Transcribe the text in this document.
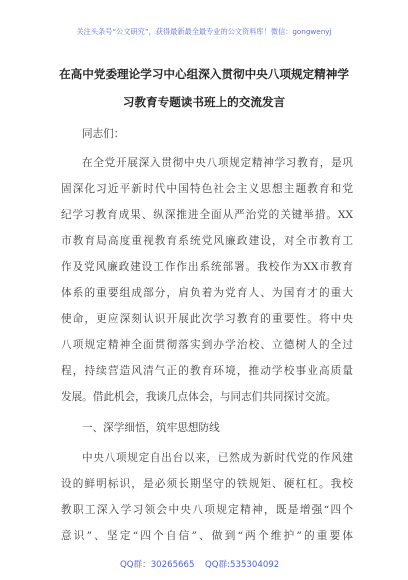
关注头条号“公文研究”，获得最新最全最专业的公文资料库！微信：gongwenyj
在高中党委理论学习中心组深入贯彻中央八项规定精神学
习教育专题读书班上的交流发言
同志们：
在全党开展深入贯彻中央八项规定精神学习教育，是巩
固深化习近平新时代中国特色社会主义思想主题教育和党
纪学习教育成果、纵深推进全面从严治党的关键举措。XX
市教育局高度重视教育系统党风廉政建设，对全市教育工
作及党风廉政建设工作作出系统部署。我校作为XX市教育
体系的重要组成部分，肩负着为党育人、为国育才的重大
使命，更应深刻认识开展此次学习教育的重要性。将中央
八项规定精神全面贯彻落实到办学治校、立德树人的全过
程，持续营造风清气正的教育环境，推动学校事业高质量
发展。借此机会，我谈几点体会，与同志们共同探讨交流。
一、深学细悟，筑牢思想防线
中央八项规定自出台以来，已然成为新时代党的作风建
设的鲜明标识，是必须长期坚守的铁规矩、硬杠杠。我校
教职工深入学习领会中央八项规定精神，既是增强“四个
意识”、坚定“四个自信”、做到“两个维护”的重要体
QQ群：30265665 QQ群:535304092
